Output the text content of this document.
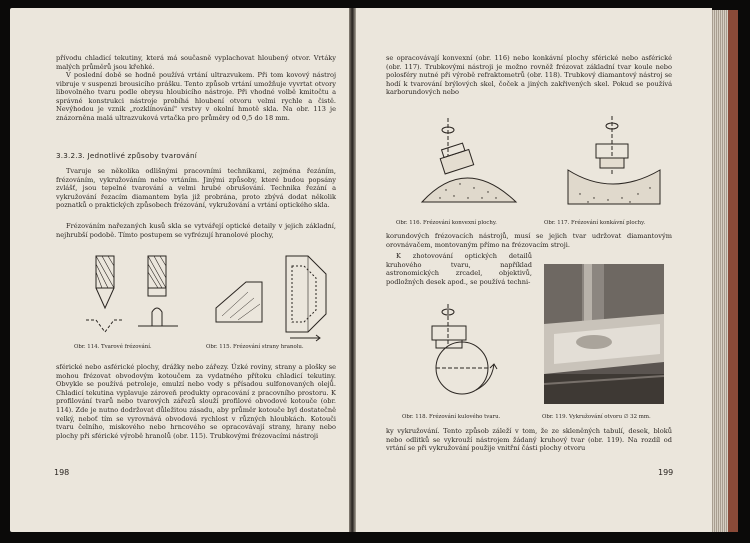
přívodu chladicí tekutiny, která má současně vyplachovat hloubený otvor. Vrtáky malých průměrů jsou křehké.

V poslední době se hodně používá vrtání ultrazvukem. Při tom kovový nástroj vibruje v suspenzi brousicího prášku. Tento způsob vrtání umožňuje vyvrtat otvory libovolného tvaru podle obrysu hloubicího nástroje. Při vhodné volbě kmitočtu a správné konstrukci nástroje probíhá hloubení otvoru velmi rychle a čistě. Nevýhodou je vznik „rozklínování" vrstvy v okolní hmotě skla. Na obr. 113 je znázorněna malá ultrazvuková vrtačka pro průměry od 0,5 do 18 mm.

3.3.2.3. Jednotlivé způsoby tvarování

Tvaruje se několika odlišnými pracovními technikami, zejména řezáním, frézováním, vykružováním nebo vrtáním. Jinými způsoby, které budou popsány zvlášť, jsou tepelné tvarování a velmi hrubé obrušování. Technika řezání a vykružování řezacím diamantem byla již probrána, proto zbývá dodat několik poznatků o praktických způsobech frézování, vykružování a vrtání optického skla.

Frézováním nařezaných kusů skla se vytvářejí optické detaily v jejich základní, nejhrubší podobě. Tímto postupem se vyfrézují hranolové plochy,

Obr. 114. Tvarové frézování.	Obr. 115. Frézování strany hranolu.

sférické nebo asférické plochy, drážky nebo zářezy. Úzké roviny, strany a plošky se mohou frézovat obvodovým kotoučem za vydatného přítoku chladicí tekutiny. Obvykle se používá petroleje, emulzí nebo vody s přísadou sulfonovaných olejů. Chladicí tekutina vyplavuje zároveň produkty opracování z pracovního prostoru. K profilování tvarů nebo tvarových zářezů slouží profilové obvodové kotouče (obr. 114). Zde je nutno dodržovat důležitou zásadu, aby průměr kotouče byl dostatečně velký, neboť tím se vyrovnává obvodová rychlost v různých hloubkách. Kotouči tvaru čelního, miskového nebo hrncového se opracovávají strany, hrany nebo plochy při sférické výrobě hranolů (obr. 115). Trubkovými frézovacími nástroji

198

se opracovávají konvexní (obr. 116) nebo konkávní plochy sférické nebo asférické (obr. 117). Trubkovými nástroji je možno rovněž frézovat základní tvar koule nebo polosféry nutné při výrobě refraktometrů (obr. 118). Trubkový diamantový nástroj se hodí k tvarování brýlových skel, čoček a jiných zakřivených skel. Pokud se používá karborundových nebo

Obr. 116. Frézování konvexní plochy.	Obr. 117. Frézování konkávní plochy.

korundových frézovacích nástrojů, musí se jejich tvar udržovat diamantovým orovnávačem, montovaným přímo na frézovacím stroji.

K zhotovování optických detailů kruhového tvaru, například astronomických zrcadel, objektivů, podložných desek apod., se používá techni-

Obr. 118. Frézování kulového tvaru.	Obr. 119. Vykružování otvoru ∅ 32 mm.

ky vykružování. Tento způsob záleží v tom, že ze skleněných tabulí, desek, bloků nebo odlitků se vykrouží nástrojem žádaný kruhový tvar (obr. 119). Na rozdíl od vrtání se při vykružování použije vnitřní části plochy otvoru

199
